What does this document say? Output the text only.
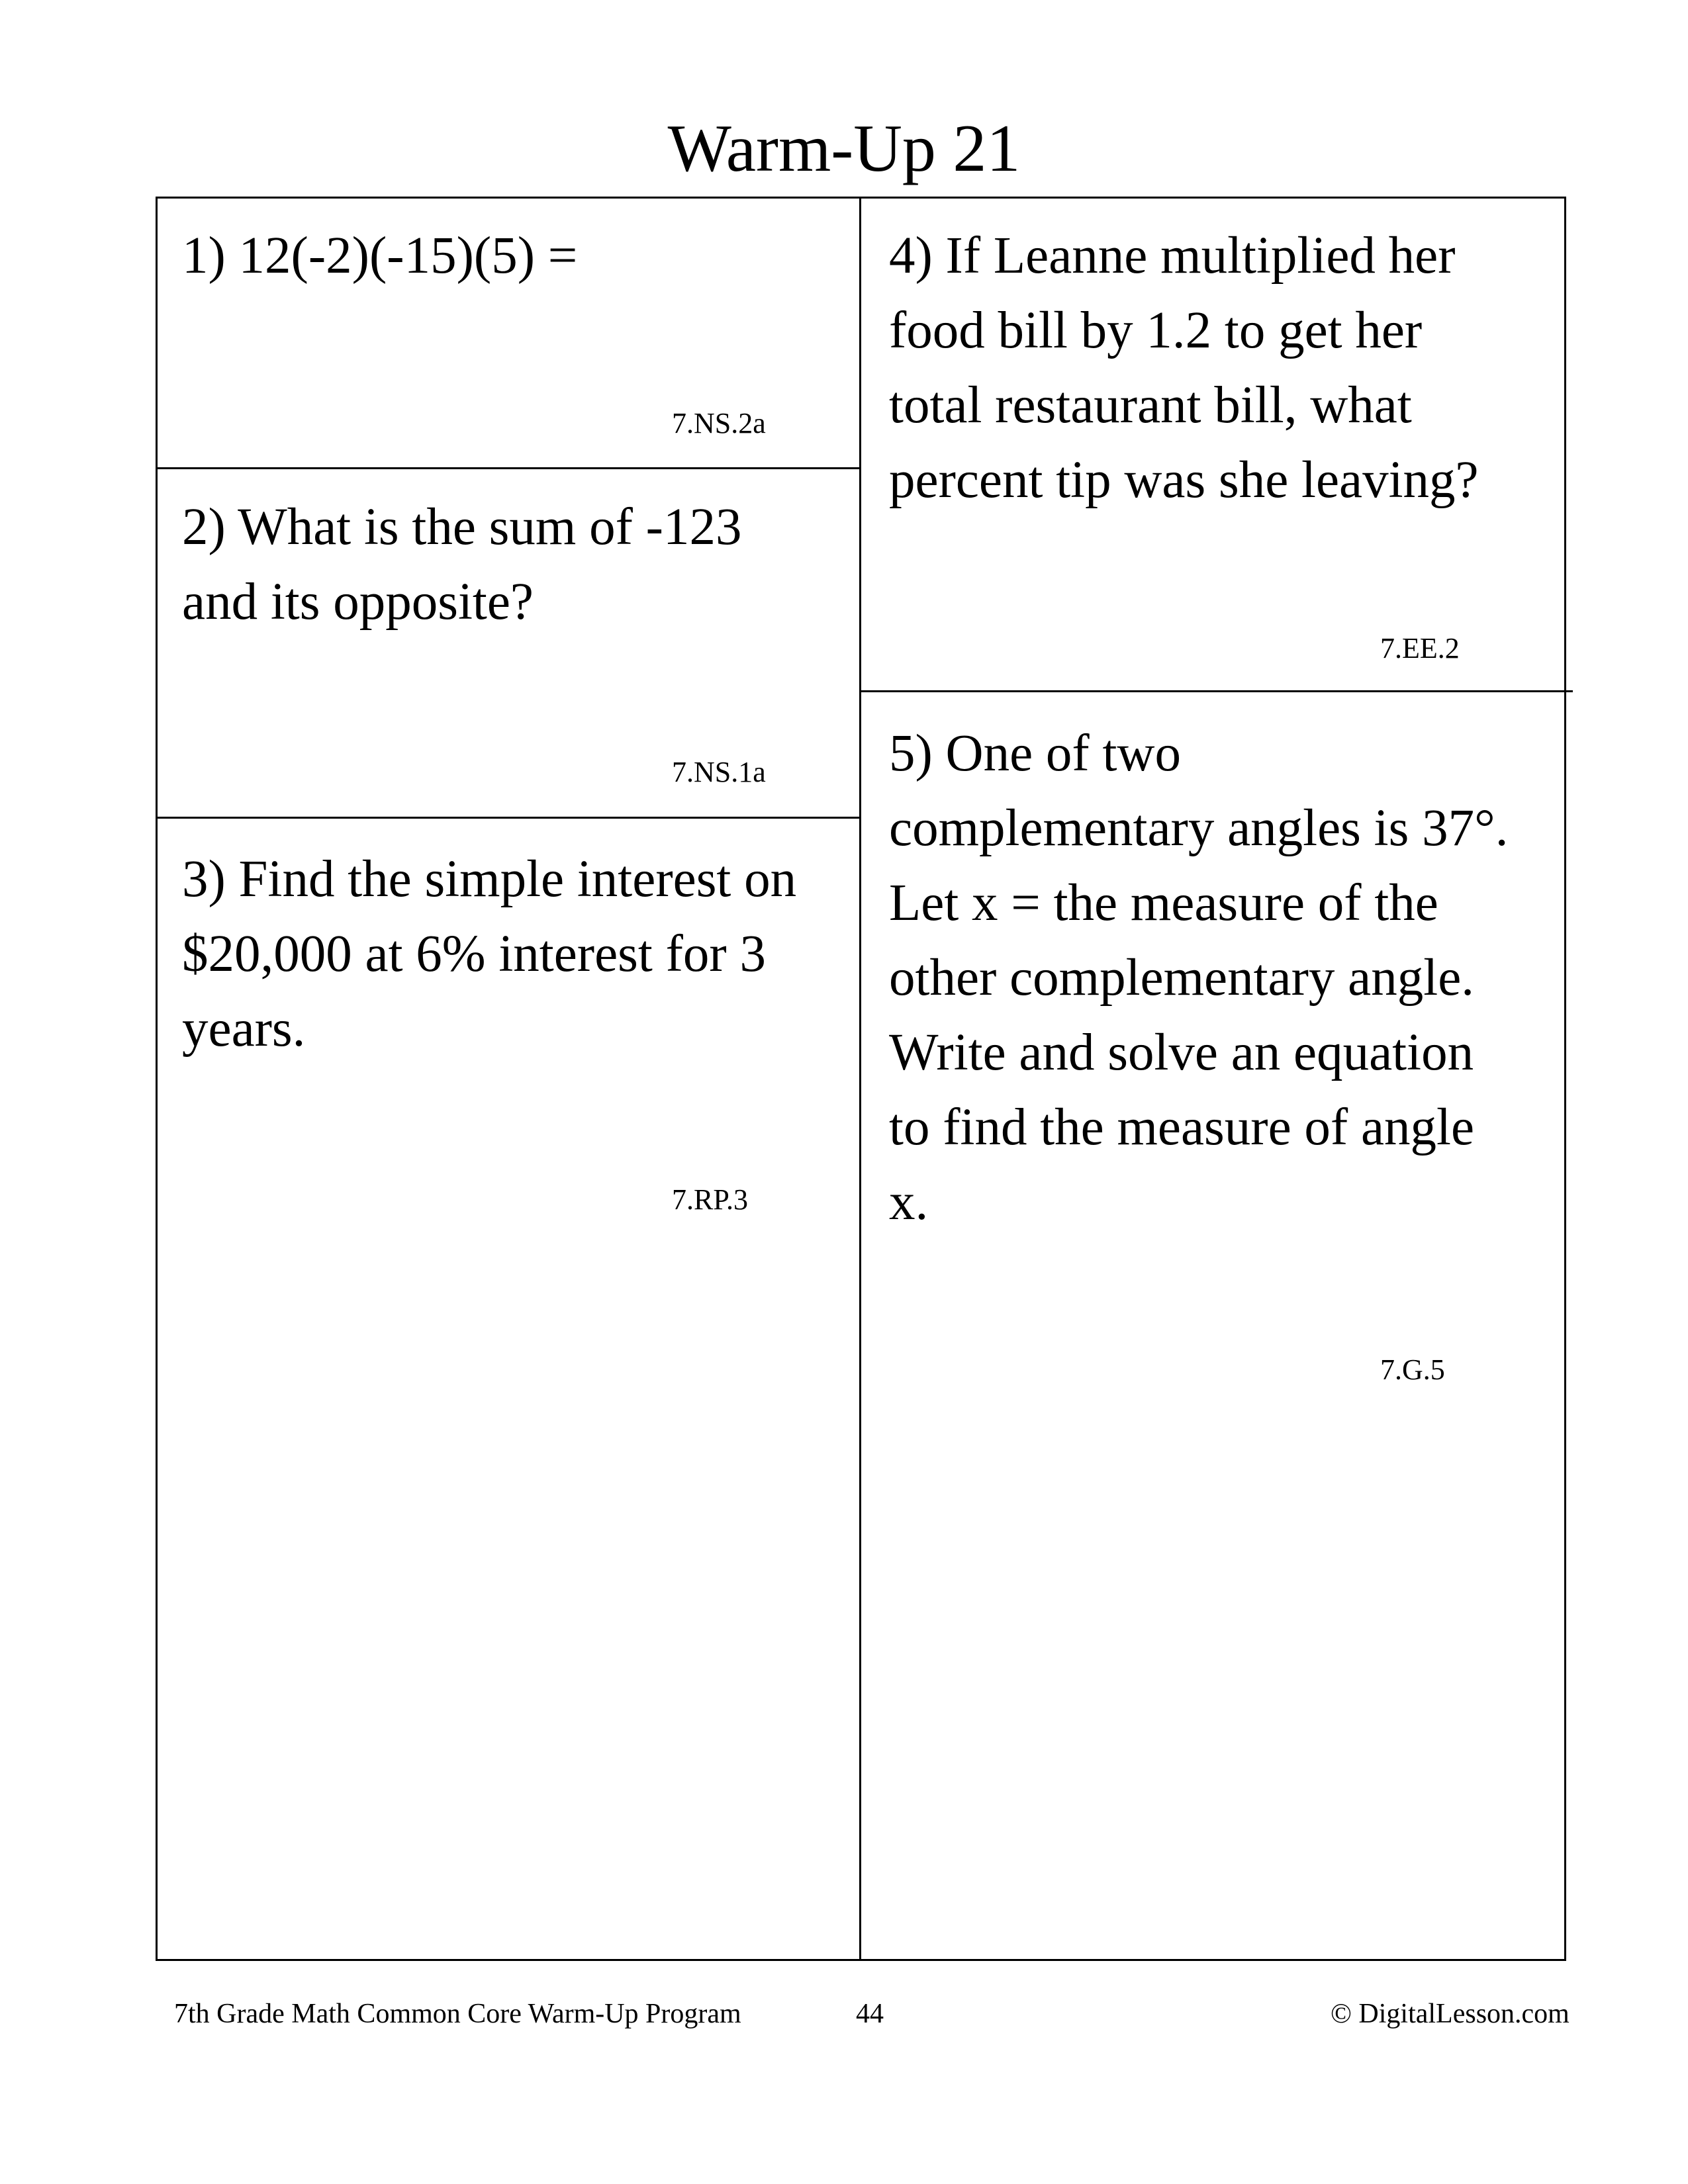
Warm-Up 21
1) 12(-2)(-15)(5) =
7.NS.2a
2) What is the sum of -123
and its opposite?
7.NS.1a
3) Find the simple interest on
$20,000 at 6% interest for 3
years.
7.RP.3
4) If Leanne multiplied her
food bill by 1.2 to get her
total restaurant bill, what
percent tip was she leaving?
7.EE.2
5) One of two
complementary angles is 37°.
Let x = the measure of the
other complementary angle.
Write and solve an equation
to find the measure of angle
x.
7.G.5
7th Grade Math Common Core Warm-Up Program	44	© DigitalLesson.com
